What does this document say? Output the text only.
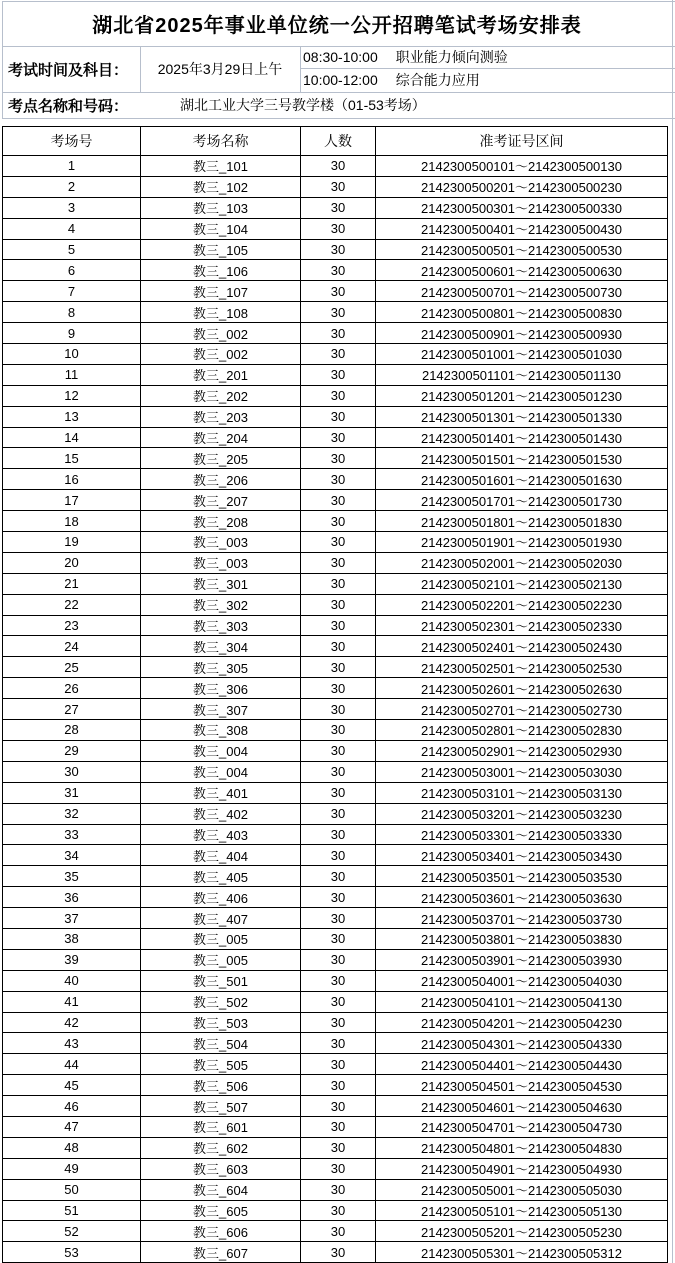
湖北省2025年事业单位统一公开招聘笔试考场安排表
考试时间及科目：	2025年3月29日上午
08:30-10:00 职业能力倾向测验
10:00-12:00 综合能力应用
考点名称和号码：	湖北工业大学三号教学楼（01-53考场）
考场号	考场名称	人数	准考证号区间
1	教三_101	30	2142300500101～2142300500130
2	教三_102	30	2142300500201～2142300500230
3	教三_103	30	2142300500301～2142300500330
4	教三_104	30	2142300500401～2142300500430
5	教三_105	30	2142300500501～2142300500530
6	教三_106	30	2142300500601～2142300500630
7	教三_107	30	2142300500701～2142300500730
8	教三_108	30	2142300500801～2142300500830
9	教三_002	30	2142300500901～2142300500930
10	教三_002	30	2142300501001～2142300501030
11	教三_201	30	2142300501101～2142300501130
12	教三_202	30	2142300501201～2142300501230
13	教三_203	30	2142300501301～2142300501330
14	教三_204	30	2142300501401～2142300501430
15	教三_205	30	2142300501501～2142300501530
16	教三_206	30	2142300501601～2142300501630
17	教三_207	30	2142300501701～2142300501730
18	教三_208	30	2142300501801～2142300501830
19	教三_003	30	2142300501901～2142300501930
20	教三_003	30	2142300502001～2142300502030
21	教三_301	30	2142300502101～2142300502130
22	教三_302	30	2142300502201～2142300502230
23	教三_303	30	2142300502301～2142300502330
24	教三_304	30	2142300502401～2142300502430
25	教三_305	30	2142300502501～2142300502530
26	教三_306	30	2142300502601～2142300502630
27	教三_307	30	2142300502701～2142300502730
28	教三_308	30	2142300502801～2142300502830
29	教三_004	30	2142300502901～2142300502930
30	教三_004	30	2142300503001～2142300503030
31	教三_401	30	2142300503101～2142300503130
32	教三_402	30	2142300503201～2142300503230
33	教三_403	30	2142300503301～2142300503330
34	教三_404	30	2142300503401～2142300503430
35	教三_405	30	2142300503501～2142300503530
36	教三_406	30	2142300503601～2142300503630
37	教三_407	30	2142300503701～2142300503730
38	教三_005	30	2142300503801～2142300503830
39	教三_005	30	2142300503901～2142300503930
40	教三_501	30	2142300504001～2142300504030
41	教三_502	30	2142300504101～2142300504130
42	教三_503	30	2142300504201～2142300504230
43	教三_504	30	2142300504301～2142300504330
44	教三_505	30	2142300504401～2142300504430
45	教三_506	30	2142300504501～2142300504530
46	教三_507	30	2142300504601～2142300504630
47	教三_601	30	2142300504701～2142300504730
48	教三_602	30	2142300504801～2142300504830
49	教三_603	30	2142300504901～2142300504930
50	教三_604	30	2142300505001～2142300505030
51	教三_605	30	2142300505101～2142300505130
52	教三_606	30	2142300505201～2142300505230
53	教三_607	30	2142300505301～2142300505312
